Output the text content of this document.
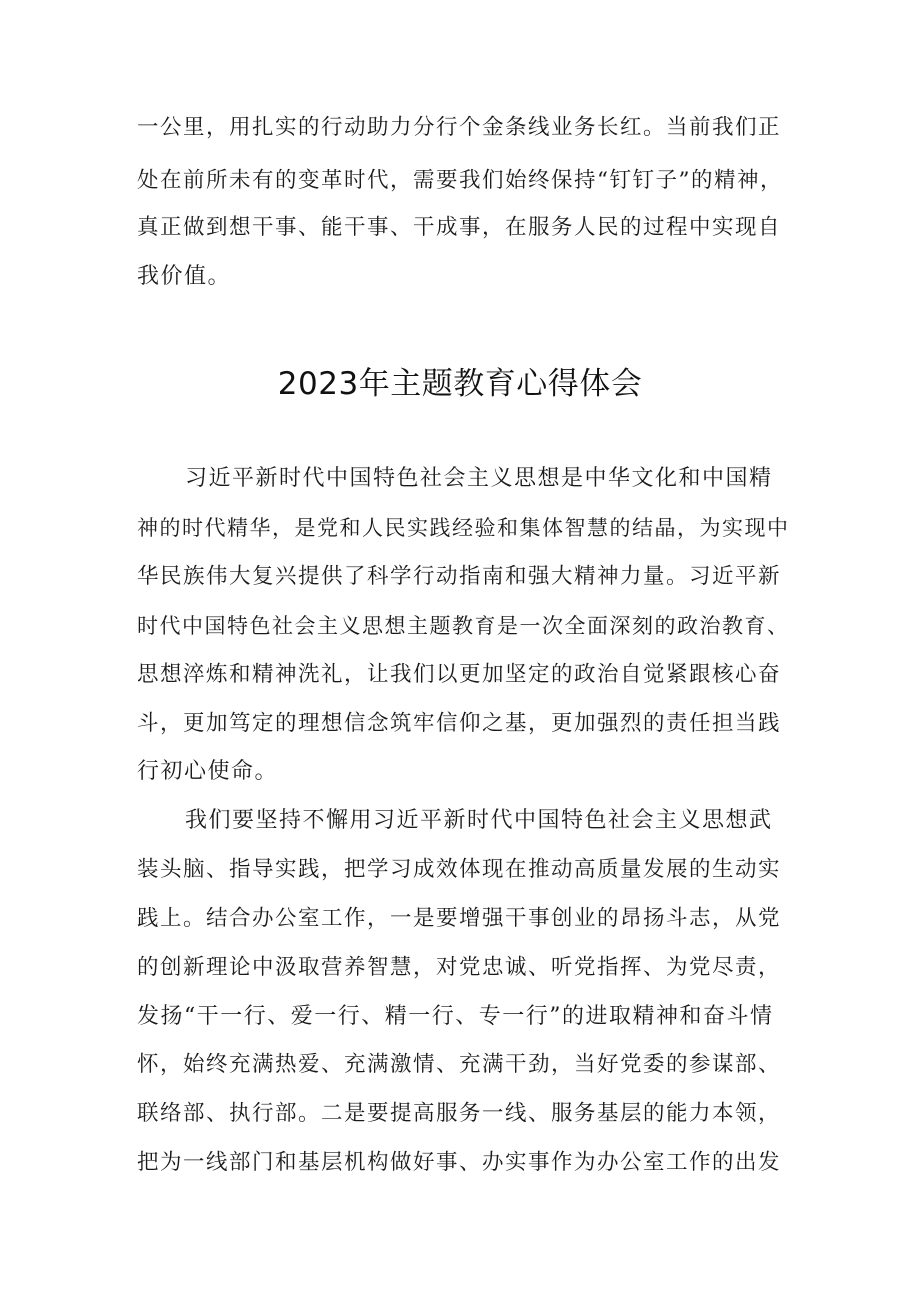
一公里，用扎实的行动助力分行个金条线业务长红。当前我们正
处在前所未有的变革时代，需要我们始终保持“钉钉子”的精神，
真正做到想干事、能干事、干成事，在服务人民的过程中实现自
我价值。
2023年主题教育心得体会
习近平新时代中国特色社会主义思想是中华文化和中国精
神的时代精华，是党和人民实践经验和集体智慧的结晶，为实现中
华民族伟大复兴提供了科学行动指南和强大精神力量。习近平新
时代中国特色社会主义思想主题教育是一次全面深刻的政治教育、
思想淬炼和精神洗礼，让我们以更加坚定的政治自觉紧跟核心奋
斗，更加笃定的理想信念筑牢信仰之基，更加强烈的责任担当践
行初心使命。
我们要坚持不懈用习近平新时代中国特色社会主义思想武
装头脑、指导实践，把学习成效体现在推动高质量发展的生动实
践上。结合办公室工作，一是要增强干事创业的昂扬斗志，从党
的创新理论中汲取营养智慧，对党忠诚、听党指挥、为党尽责，
发扬“干一行、爱一行、精一行、专一行”的进取精神和奋斗情
怀，始终充满热爱、充满激情、充满干劲，当好党委的参谋部、
联络部、执行部。二是要提高服务一线、服务基层的能力本领，
把为一线部门和基层机构做好事、办实事作为办公室工作的出发
